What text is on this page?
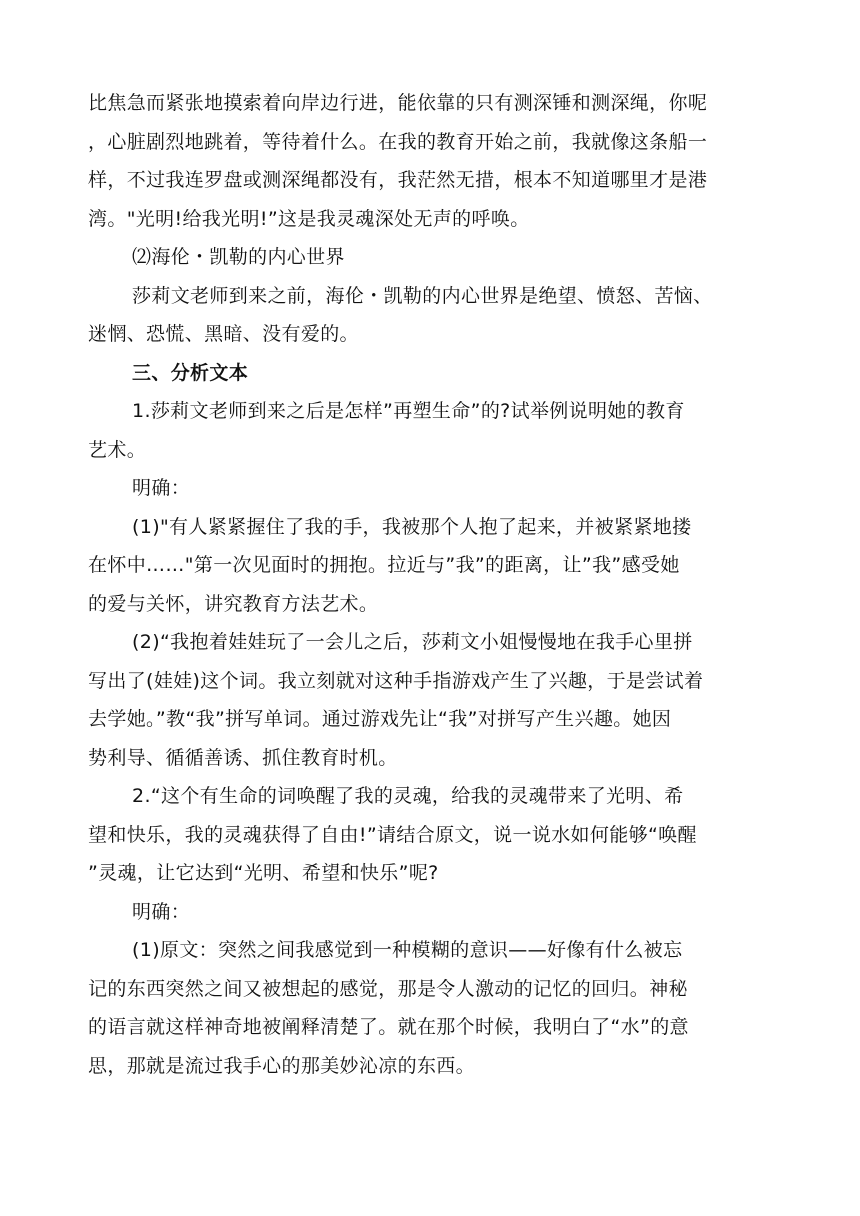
比焦急而紧张地摸索着向岸边行进，能依靠的只有测深锤和测深绳，你呢
，心脏剧烈地跳着，等待着什么。在我的教育开始之前，我就像这条船一
样，不过我连罗盘或测深绳都没有，我茫然无措，根本不知道哪里才是港
湾。"光明!给我光明!”这是我灵魂深处无声的呼唤。
⑵海伦・凯勒的内心世界
莎莉文老师到来之前，海伦・凯勒的内心世界是绝望、愤怒、苦恼、
迷惘、恐慌、黑暗、没有爱的。
三、分析文本
1.莎莉文老师到来之后是怎样”再塑生命”的?试举例说明她的教育
艺术。
明确：
(1)"有人紧紧握住了我的手，我被那个人抱了起来，并被紧紧地搂
在怀中……"第一次见面时的拥抱。拉近与”我”的距离，让”我”感受她
的爱与关怀，讲究教育方法艺术。
(2)“我抱着娃娃玩了一会儿之后，莎莉文小姐慢慢地在我手心里拼
写出了(娃娃)这个词。我立刻就对这种手指游戏产生了兴趣，于是尝试着
去学她。”教“我”拼写单词。通过游戏先让“我”对拼写产生兴趣。她因
势利导、循循善诱、抓住教育时机。
2.“这个有生命的词唤醒了我的灵魂，给我的灵魂带来了光明、希
望和快乐，我的灵魂获得了自由!”请结合原文，说一说水如何能够“唤醒
”灵魂，让它达到“光明、希望和快乐”呢?
明确：
(1)原文：突然之间我感觉到一种模糊的意识——好像有什么被忘
记的东西突然之间又被想起的感觉，那是令人激动的记忆的回归。神秘
的语言就这样神奇地被阐释清楚了。就在那个时候，我明白了“水”的意
思，那就是流过我手心的那美妙沁凉的东西。
